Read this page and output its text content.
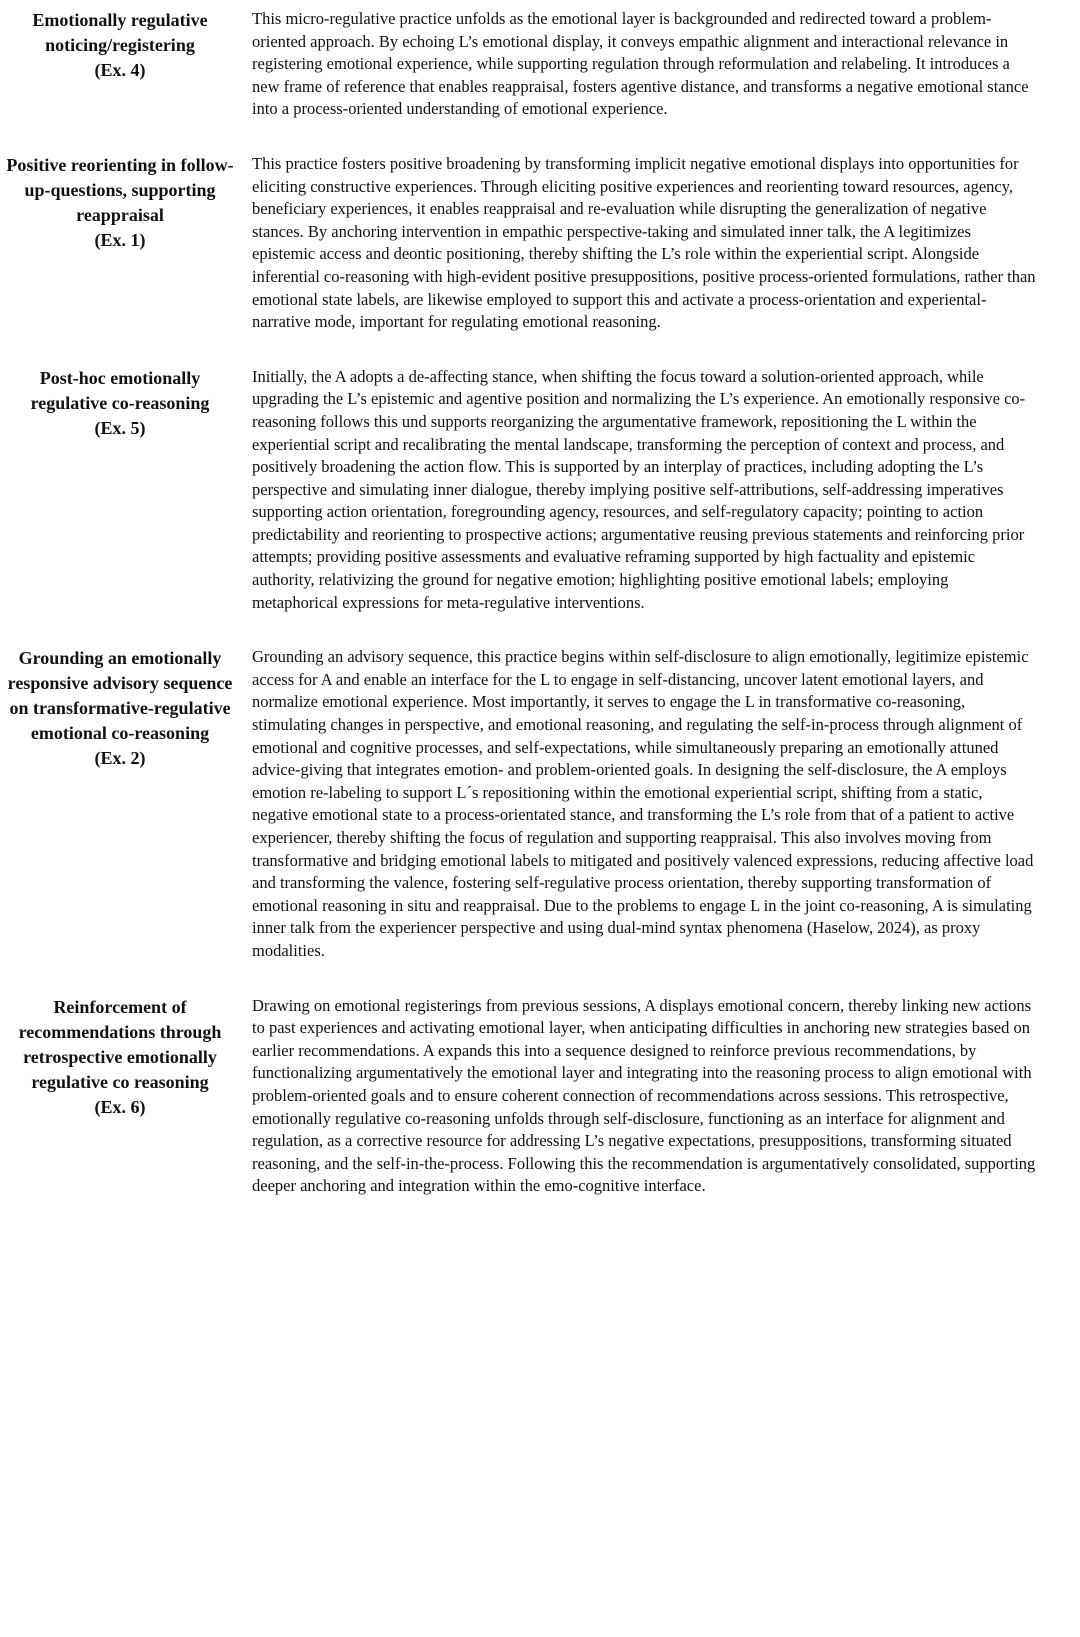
Emotionally regulative noticing/registering
(Ex. 4)

This micro-regulative practice unfolds as the emotional layer is backgrounded and redirected toward a problem-oriented approach. By echoing L’s emotional display, it conveys empathic alignment and interactional relevance in registering emotional experience, while supporting regulation through reformulation and relabeling. It introduces a new frame of reference that enables reappraisal, fosters agentive distance, and transforms a negative emotional stance into a process-oriented understanding of emotional experience.

Positive reorienting in follow-up-questions, supporting reappraisal
(Ex. 1)

This practice fosters positive broadening by transforming implicit negative emotional displays into opportunities for eliciting constructive experiences. Through eliciting positive experiences and reorienting toward resources, agency, beneficiary experiences, it enables reappraisal and re-evaluation while disrupting the generalization of negative stances. By anchoring intervention in empathic perspective-taking and simulated inner talk, the A legitimizes epistemic access and deontic positioning, thereby shifting the L’s role within the experiential script. Alongside inferential co-reasoning with high-evident positive presuppositions, positive process-oriented formulations, rather than emotional state labels, are likewise employed to support this and activate a process-orientation and experiental-narrative mode, important for regulating emotional reasoning.

Post-hoc emotionally regulative co-reasoning
(Ex. 5)

Initially, the A adopts a de-affecting stance, when shifting the focus toward a solution-oriented approach, while upgrading the L’s epistemic and agentive position and normalizing the L’s experience. An emotionally responsive co-reasoning follows this und supports reorganizing the argumentative framework, repositioning the L within the experiential script and recalibrating the mental landscape, transforming the perception of context and process, and positively broadening the action flow. This is supported by an interplay of practices, including adopting the L’s perspective and simulating inner dialogue, thereby implying positive self-attributions, self-addressing imperatives supporting action orientation, foregrounding agency, resources, and self-regulatory capacity; pointing to action predictability and reorienting to prospective actions; argumentative reusing previous statements and reinforcing prior attempts; providing positive assessments and evaluative reframing supported by high factuality and epistemic authority, relativizing the ground for negative emotion; highlighting positive emotional labels; employing metaphorical expressions for meta-regulative interventions.

Grounding an emotionally responsive advisory sequence on transformative-regulative emotional co-reasoning
(Ex. 2)

Grounding an advisory sequence, this practice begins within self-disclosure to align emotionally, legitimize epistemic access for A and enable an interface for the L to engage in self-distancing, uncover latent emotional layers, and normalize emotional experience. Most importantly, it serves to engage the L in transformative co-reasoning, stimulating changes in perspective, and emotional reasoning, and regulating the self-in-process through alignment of emotional and cognitive processes, and self-expectations, while simultaneously preparing an emotionally attuned advice-giving that integrates emotion- and problem-oriented goals. In designing the self-disclosure, the A employs emotion re-labeling to support L´s repositioning within the emotional experiential script, shifting from a static, negative emotional state to a process-orientated stance, and transforming the L’s role from that of a patient to active experiencer, thereby shifting the focus of regulation and supporting reappraisal. This also involves moving from transformative and bridging emotional labels to mitigated and positively valenced expressions, reducing affective load and transforming the valence, fostering self-regulative process orientation, thereby supporting transformation of emotional reasoning in situ and reappraisal. Due to the problems to engage L in the joint co-reasoning, A is simulating inner talk from the experiencer perspective and using dual-mind syntax phenomena (Haselow, 2024), as proxy modalities.

Reinforcement of recommendations through retrospective emotionally regulative co reasoning
(Ex. 6)

Drawing on emotional registerings from previous sessions, A displays emotional concern, thereby linking new actions to past experiences and activating emotional layer, when anticipating difficulties in anchoring new strategies based on earlier recommendations. A expands this into a sequence designed to reinforce previous recommendations, by functionalizing argumentatively the emotional layer and integrating into the reasoning process to align emotional with problem-oriented goals and to ensure coherent connection of recommendations across sessions. This retrospective, emotionally regulative co-reasoning unfolds through self-disclosure, functioning as an interface for alignment and regulation, as a corrective resource for addressing L’s negative expectations, presuppositions, transforming situated reasoning, and the self-in-the-process. Following this the recommendation is argumentatively consolidated, supporting deeper anchoring and integration within the emo-cognitive interface.
